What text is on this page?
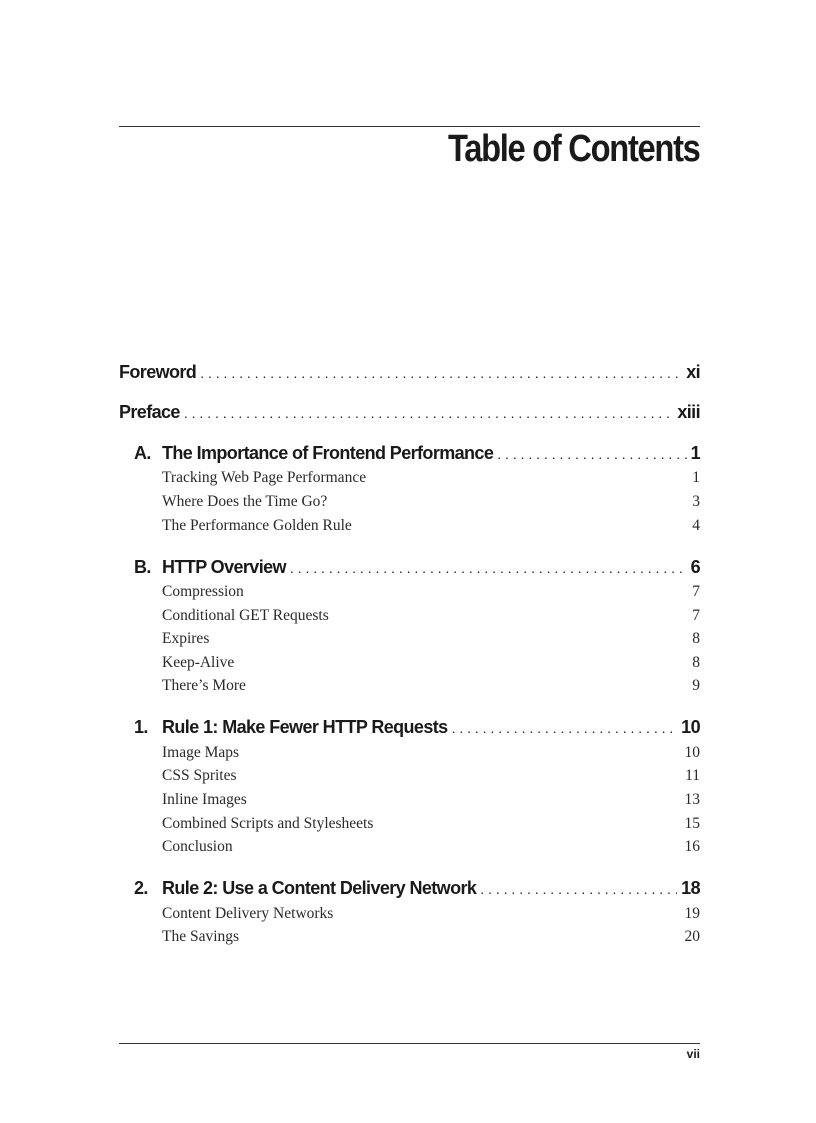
Table of Contents
Foreword . . .	xi
Preface . . .	xiii
A. The Importance of Frontend Performance . . .	1
Tracking Web Page Performance	1
Where Does the Time Go?	3
The Performance Golden Rule	4
B. HTTP Overview . . .	6
Compression	7
Conditional GET Requests	7
Expires	8
Keep-Alive	8
There’s More	9
1. Rule 1: Make Fewer HTTP Requests . . .	10
Image Maps	10
CSS Sprites	11
Inline Images	13
Combined Scripts and Stylesheets	15
Conclusion	16
2. Rule 2: Use a Content Delivery Network . . .	18
Content Delivery Networks	19
The Savings	20
vii
